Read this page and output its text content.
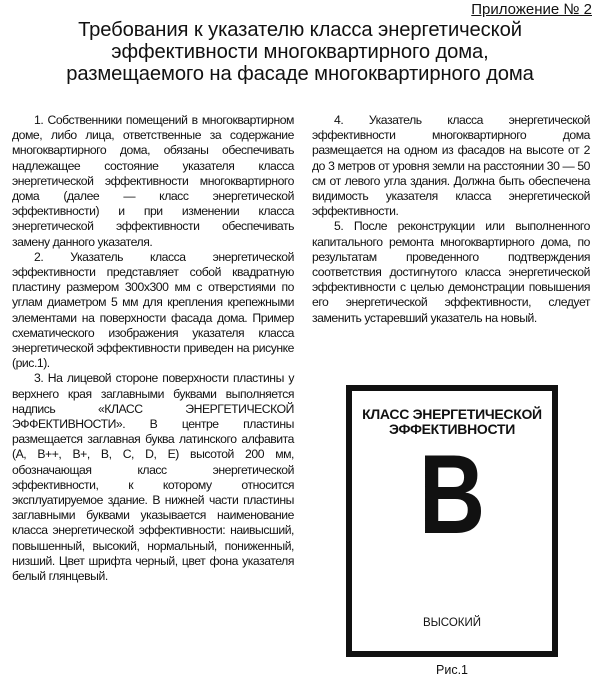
Приложение № 2
Требования к указателю класса энергетической
эффективности многоквартирного дома,
размещаемого на фасаде многоквартирного дома

1. Собственники помещений в многоквартирном доме, либо лица, ответственные за содержание многоквартирного дома, обязаны обеспечивать надлежащее состояние указателя класса энергетической эффективности многоквартирного дома (далее — класс энергетической эффективности) и при изменении класса энергетической эффективности обеспечивать замену данного указателя.

2. Указатель класса энергетической эффективности представляет собой квадратную пластину размером 300х300 мм с отверстиями по углам диаметром 5 мм для крепления крепежными элементами на поверхности фасада дома. Пример схематического изображения указателя класса энергетической эффективности приведен на рисунке (рис.1).

3. На лицевой стороне поверхности пластины у верхнего края заглавными буквами выполняется надпись «КЛАСС ЭНЕРГЕТИЧЕСКОЙ ЭФФЕКТИВНОСТИ». В центре пластины размещается заглавная буква латинского алфавита (A, B++, B+, B, C, D, E) высотой 200 мм, обозначающая класс энергетической эффективности, к которому относится эксплуатируемое здание. В нижней части пластины заглавными буквами указывается наименование класса энергетической эффективности: наивысший, повышенный, высокий, нормальный, пониженный, низший. Цвет шрифта черный, цвет фона указателя белый глянцевый.

4. Указатель класса энергетической эффективности многоквартирного дома размещается на одном из фасадов на высоте от 2 до 3 метров от уровня земли на расстоянии 30 — 50 см от левого угла здания. Должна быть обеспечена видимость указателя класса энергетической эффективности.

5. После реконструкции или выполненного капитального ремонта многоквартирного дома, по результатам проведенного подтверждения соответствия достигнутого класса энергетической эффективности с целью демонстрации повышения его энергетической эффективности, следует заменить устаревший указатель на новый.

КЛАСС ЭНЕРГЕТИЧЕСКОЙ
ЭФФЕКТИВНОСТИ
B
ВЫСОКИЙ
Рис.1
